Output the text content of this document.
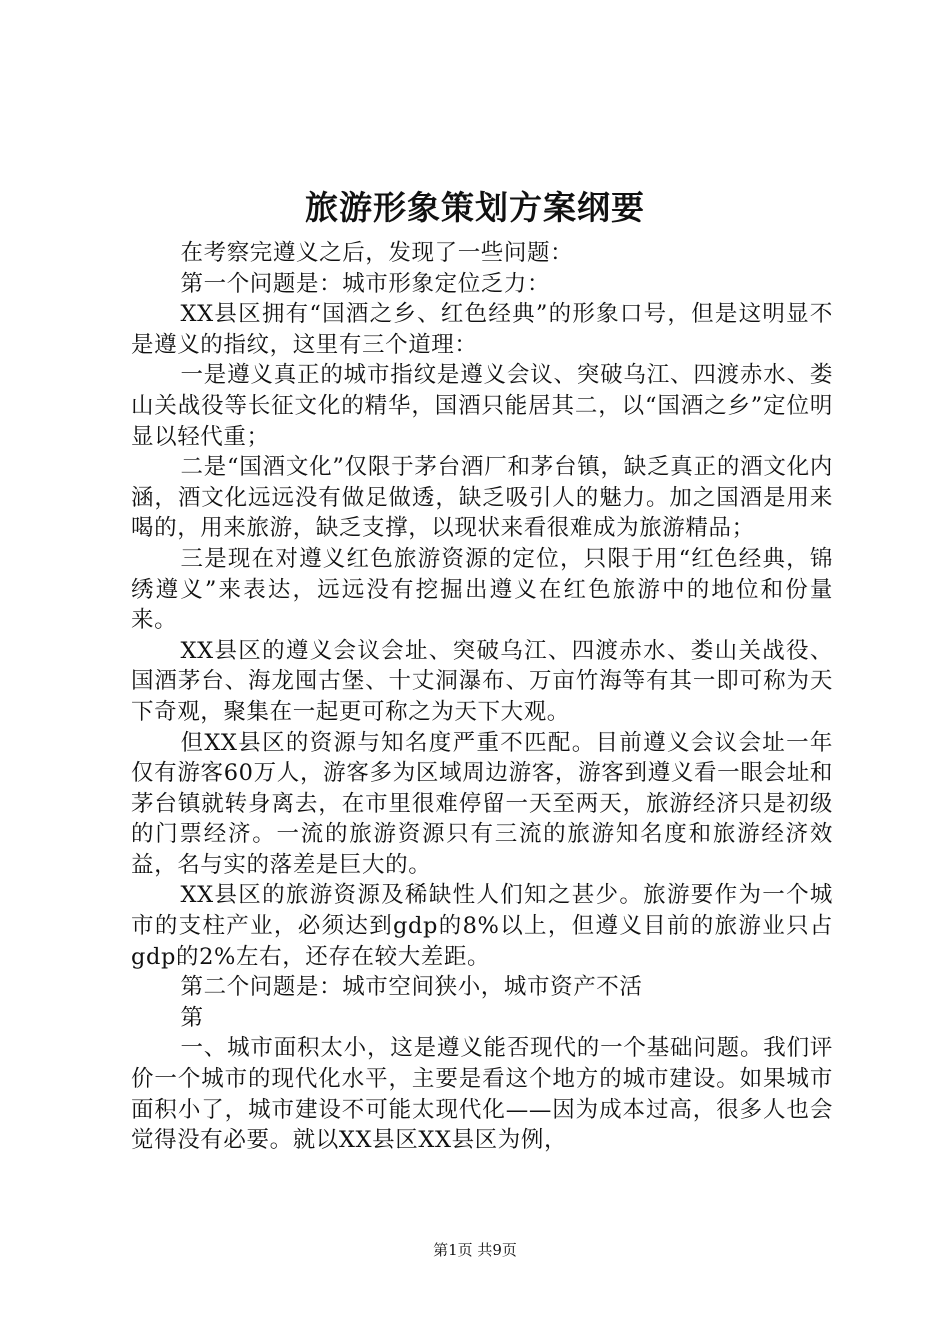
旅游形象策划方案纲要

在考察完遵义之后，发现了一些问题：

第一个问题是：城市形象定位乏力：

XX县区拥有“国酒之乡、红色经典”的形象口号，但是这明显不是遵义的指纹，这里有三个道理：

一是遵义真正的城市指纹是遵义会议、突破乌江、四渡赤水、娄山关战役等长征文化的精华，国酒只能居其二，以“国酒之乡”定位明显以轻代重；

二是“国酒文化”仅限于茅台酒厂和茅台镇，缺乏真正的酒文化内涵，酒文化远远没有做足做透，缺乏吸引人的魅力。加之国酒是用来喝的，用来旅游，缺乏支撑，以现状来看很难成为旅游精品；

三是现在对遵义红色旅游资源的定位，只限于用“红色经典，锦绣遵义”来表达，远远没有挖掘出遵义在红色旅游中的地位和份量来。

XX县区的遵义会议会址、突破乌江、四渡赤水、娄山关战役、国酒茅台、海龙囤古堡、十丈洞瀑布、万亩竹海等有其一即可称为天下奇观，聚集在一起更可称之为天下大观。

但XX县区的资源与知名度严重不匹配。目前遵义会议会址一年仅有游客60万人，游客多为区域周边游客，游客到遵义看一眼会址和茅台镇就转身离去，在市里很难停留一天至两天，旅游经济只是初级的门票经济。一流的旅游资源只有三流的旅游知名度和旅游经济效益，名与实的落差是巨大的。

XX县区的旅游资源及稀缺性人们知之甚少。旅游要作为一个城市的支柱产业，必须达到gdp的8%以上，但遵义目前的旅游业只占gdp的2%左右，还存在较大差距。

第二个问题是：城市空间狭小，城市资产不活

第

一、城市面积太小，这是遵义能否现代的一个基础问题。我们评价一个城市的现代化水平，主要是看这个地方的城市建设。如果城市面积小了，城市建设不可能太现代化——因为成本过高，很多人也会觉得没有必要。就以XX县区XX县区为例，

第1页 共9页
